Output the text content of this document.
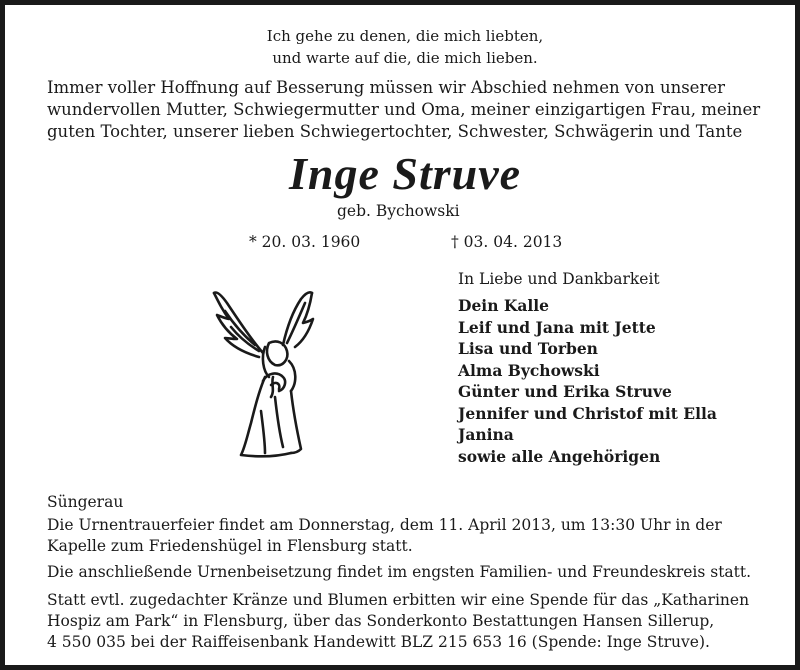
Ich gehe zu denen, die mich liebten,
und warte auf die, die mich lieben.
Immer voller Hoffnung auf Besserung müssen wir Abschied nehmen von unserer
wundervollen Mutter, Schwiegermutter und Oma, meiner einzigartigen Frau, meiner
guten Tochter, unserer lieben Schwiegertochter, Schwester, Schwägerin und Tante
Inge Struve
geb. Bychowski
* 20. 03. 1960	† 03. 04. 2013
In Liebe und Dankbarkeit
Dein Kalle
Leif und Jana mit Jette
Lisa und Torben
Alma Bychowski
Günter und Erika Struve
Jennifer und Christof mit Ella
Janina
sowie alle Angehörigen
Süngerau
Die Urnentrauerfeier findet am Donnerstag, dem 11. April 2013, um 13:30 Uhr in der
Kapelle zum Friedenshügel in Flensburg statt.
Die anschließende Urnenbeisetzung findet im engsten Familien- und Freundeskreis statt.
Statt evtl. zugedachter Kränze und Blumen erbitten wir eine Spende für das „Katharinen
Hospiz am Park“ in Flensburg, über das Sonderkonto Bestattungen Hansen Sillerup,
4 550 035 bei der Raiffeisenbank Handewitt BLZ 215 653 16 (Spende: Inge Struve).
